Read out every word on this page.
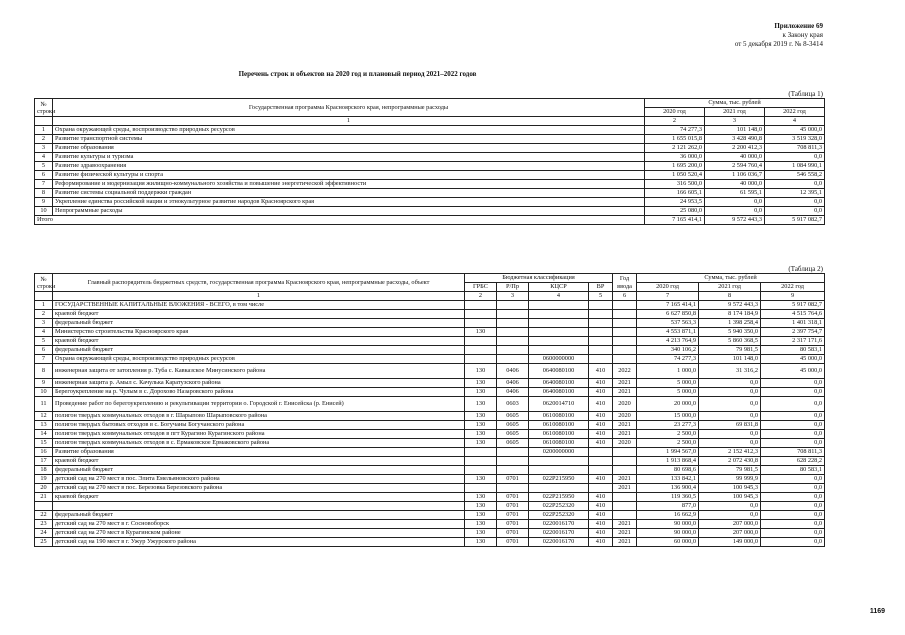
Приложение 69
к Закону края
от 5 декабря 2019 г. № 8-3414
Перечень строк и объектов на 2020 год и плановый период 2021–2022 годов
(Таблица 1)
№ строки	Государственная программа Красноярского края, непрограммные расходы	Сумма, тыс. рублей		
		2020 год	2021 год	2022 год
	1	2	3	4
1	Охрана окружающей среды, воспроизводство природных ресурсов	74 277,3	101 148,0	45 000,0
2	Развитие транспортной системы	1 655 015,8	3 428 490,8	3 519 328,0
3	Развитие образования	2 121 262,0	2 200 412,3	708 811,3
4	Развитие культуры и туризма	36 000,0	40 000,0	0,0
5	Развитие здравоохранения	1 695 200,0	2 594 760,4	1 084 990,1
6	Развитие физической культуры и спорта	1 050 520,4	1 106 036,7	546 558,2
7	Реформирование и модернизация жилищно-коммунального хозяйства и повышение энергетической эффективности	316 500,0	40 000,0	0,0
8	Развитие системы социальной поддержки граждан	166 605,1	61 595,1	12 395,1
9	Укрепление единства российской нации и этнокультурное развитие народов Красноярского края	24 953,5	0,0	0,0
10	Непрограммные расходы	25 080,0	0,0	0,0
Итого		7 165 414,1	9 572 443,3	5 917 082,7
(Таблица 2)
№ строки	Главный распорядитель бюджетных средств, государственная программа Красноярского края, непрограммные расходы, объект	Бюджетная классификация				Год ввода	Сумма, тыс. рублей		
		ГРБС	Р/Пр	КЦСР	ВР		2020 год	2021 год	2022 год
	1	2	3	4	5	6	7	8	9
1	ГОСУДАРСТВЕННЫЕ КАПИТАЛЬНЫЕ ВЛОЖЕНИЯ - ВСЕГО, в том числе						7 165 414,1	9 572 443,3	5 917 082,7
2	краевой бюджет						6 627 850,8	8 174 184,9	4 515 764,6
3	федеральный бюджет						537 563,3	1 398 258,4	1 401 318,1
4	Министерство строительства Красноярского края	130					4 553 871,1	5 940 350,0	2 397 754,7
5	краевой бюджет						4 213 764,9	5 860 368,5	2 317 171,6
6	федеральный бюджет						340 106,2	79 981,5	80 583,1
7	Охрана окружающей среды, воспроизводство природных ресурсов			0600000000			74 277,3	101 148,0	45 000,0
8	инженерная защита от затопления р. Туба с. Кавказское Минусинского района	130	0406	0640080100	410	2022	1 000,0	31 316,2	45 000,0
9	инженерная защита р. Амыл с. Качулька Каратузского района	130	0406	0640080100	410	2021	5 000,0	0,0	0,0
10	Берегоукрепление на р. Чулым в с. Дорохово Назаровского района	130	0406	0640080100	410	2021	5 000,0	0,0	0,0
11	Проведение работ по берегоукреплению и рекультивации территории о. Городской г. Енисейска (р. Енисей)	130	0603	0620014710	410	2020	20 000,0	0,0	0,0
12	полигон твердых коммунальных отходов в г. Шарыпово Шарыповского района	130	0605	0610080100	410	2020	15 000,0	0,0	0,0
13	полигон твердых бытовых отходов в с. Богучаны Богучанского района	130	0605	0610080100	410	2021	23 277,3	69 831,8	0,0
14	полигон твердых коммунальных отходов в пгт Курагино Курагинского района	130	0605	0610080100	410	2021	2 500,0	0,0	0,0
15	полигон твердых коммунальных отходов в с. Ермаковское Ермаковского района	130	0605	0610080100	410	2020	2 500,0	0,0	0,0
16	Развитие образования			0200000000			1 994 567,0	2 152 412,3	708 811,3
17	краевой бюджет						1 913 868,4	2 072 430,8	628 228,2
18	федеральный бюджет						80 698,6	79 981,5	80 583,1
19	детский сад на 270 мест в пос. Элита Емельяновского района	130	0701	022P215950	410	2021	133 842,1	99 999,9	0,0
20	детский сад на 270 мест в пос. Березовка Березовского района					2021	136 900,4	100 945,3	0,0
21	краевой бюджет	130	0701	022P215950	410		119 360,5	100 945,3	0,0
		130	0701	022P252320	410		877,0	0,0	0,0
22	федеральный бюджет	130	0701	022P252320	410		16 662,9	0,0	0,0
23	детский сад на 270 мест в г. Сосновоборск	130	0701	0220016170	410	2021	90 000,0	207 000,0	0,0
24	детский сад на 270 мест в Курагинском районе	130	0701	0220016170	410	2021	90 000,0	207 000,0	0,0
25	детский сад на 190 мест в г. Ужур Ужурского района	130	0701	0220016170	410	2021	60 000,0	149 000,0	0,0
1169
